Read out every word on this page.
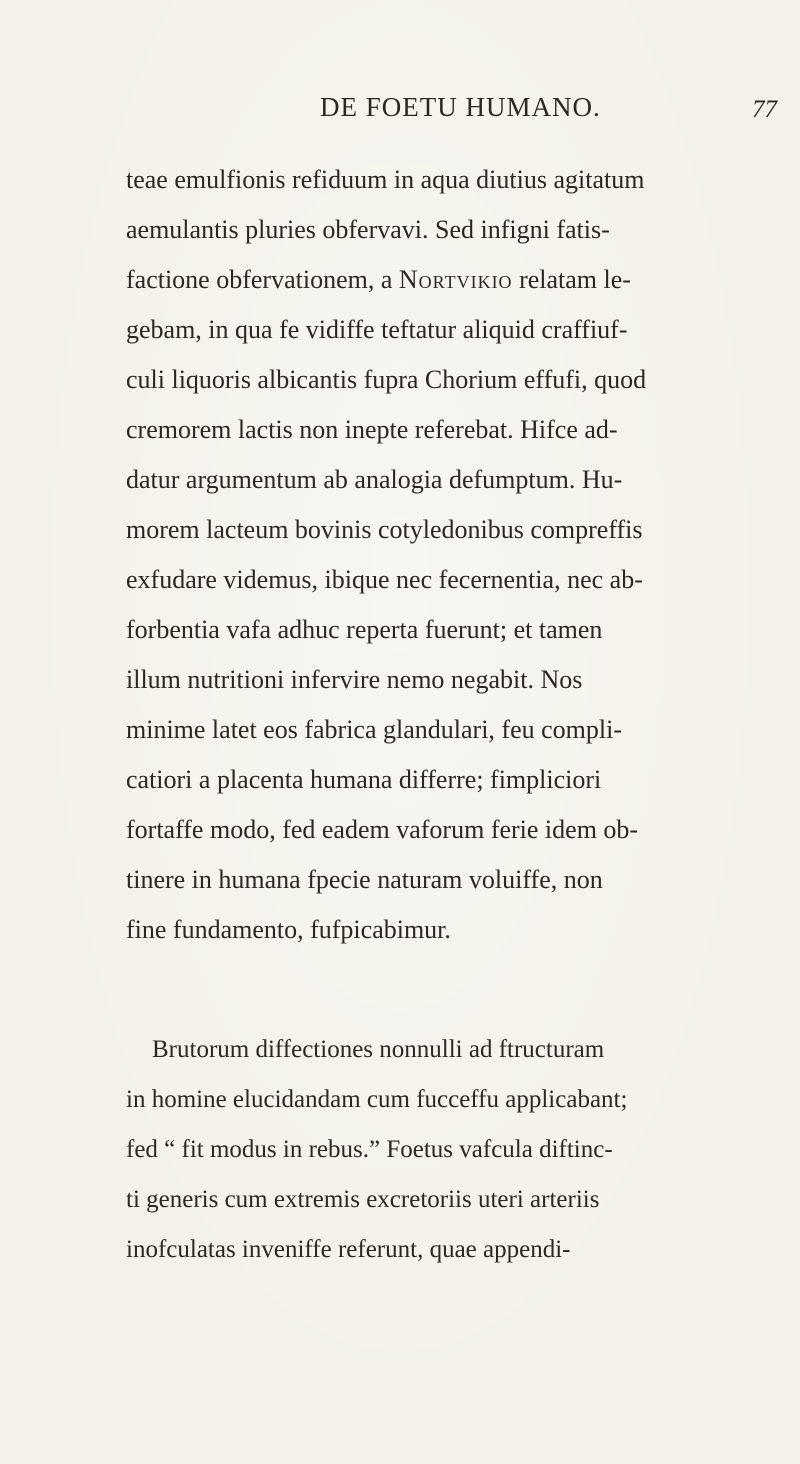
DE FOETU HUMANO.	77
teae emulfionis refiduum in aqua diutius agitatum
aemulantis pluries obfervavi. Sed infigni fatis-
factione obfervationem, a Nortvikio relatam le-
gebam, in qua fe vidiffe teftatur aliquid craffiuf-
culi liquoris albicantis fupra Chorium effufi, quod
cremorem lactis non inepte referebat. Hifce ad-
datur argumentum ab analogia defumptum. Hu-
morem lacteum bovinis cotyledonibus compreffis
exfudare videmus, ibique nec fecernentia, nec ab-
forbentia vafa adhuc reperta fuerunt; et tamen
illum nutritioni infervire nemo negabit. Nos
minime latet eos fabrica glandulari, feu compli-
catiori a placenta humana differre; fimpliciori
fortaffe modo, fed eadem vaforum ferie idem ob-
tinere in humana fpecie naturam voluiffe, non
fine fundamento, fufpicabimur.
Brutorum diffectiones nonnulli ad ftructuram
in homine elucidandam cum fucceffu applicabant;
fed “ fit modus in rebus.” Foetus vafcula diftinc-
ti generis cum extremis excretoriis uteri arteriis
inofculatas inveniffe referunt, quae appendi-
